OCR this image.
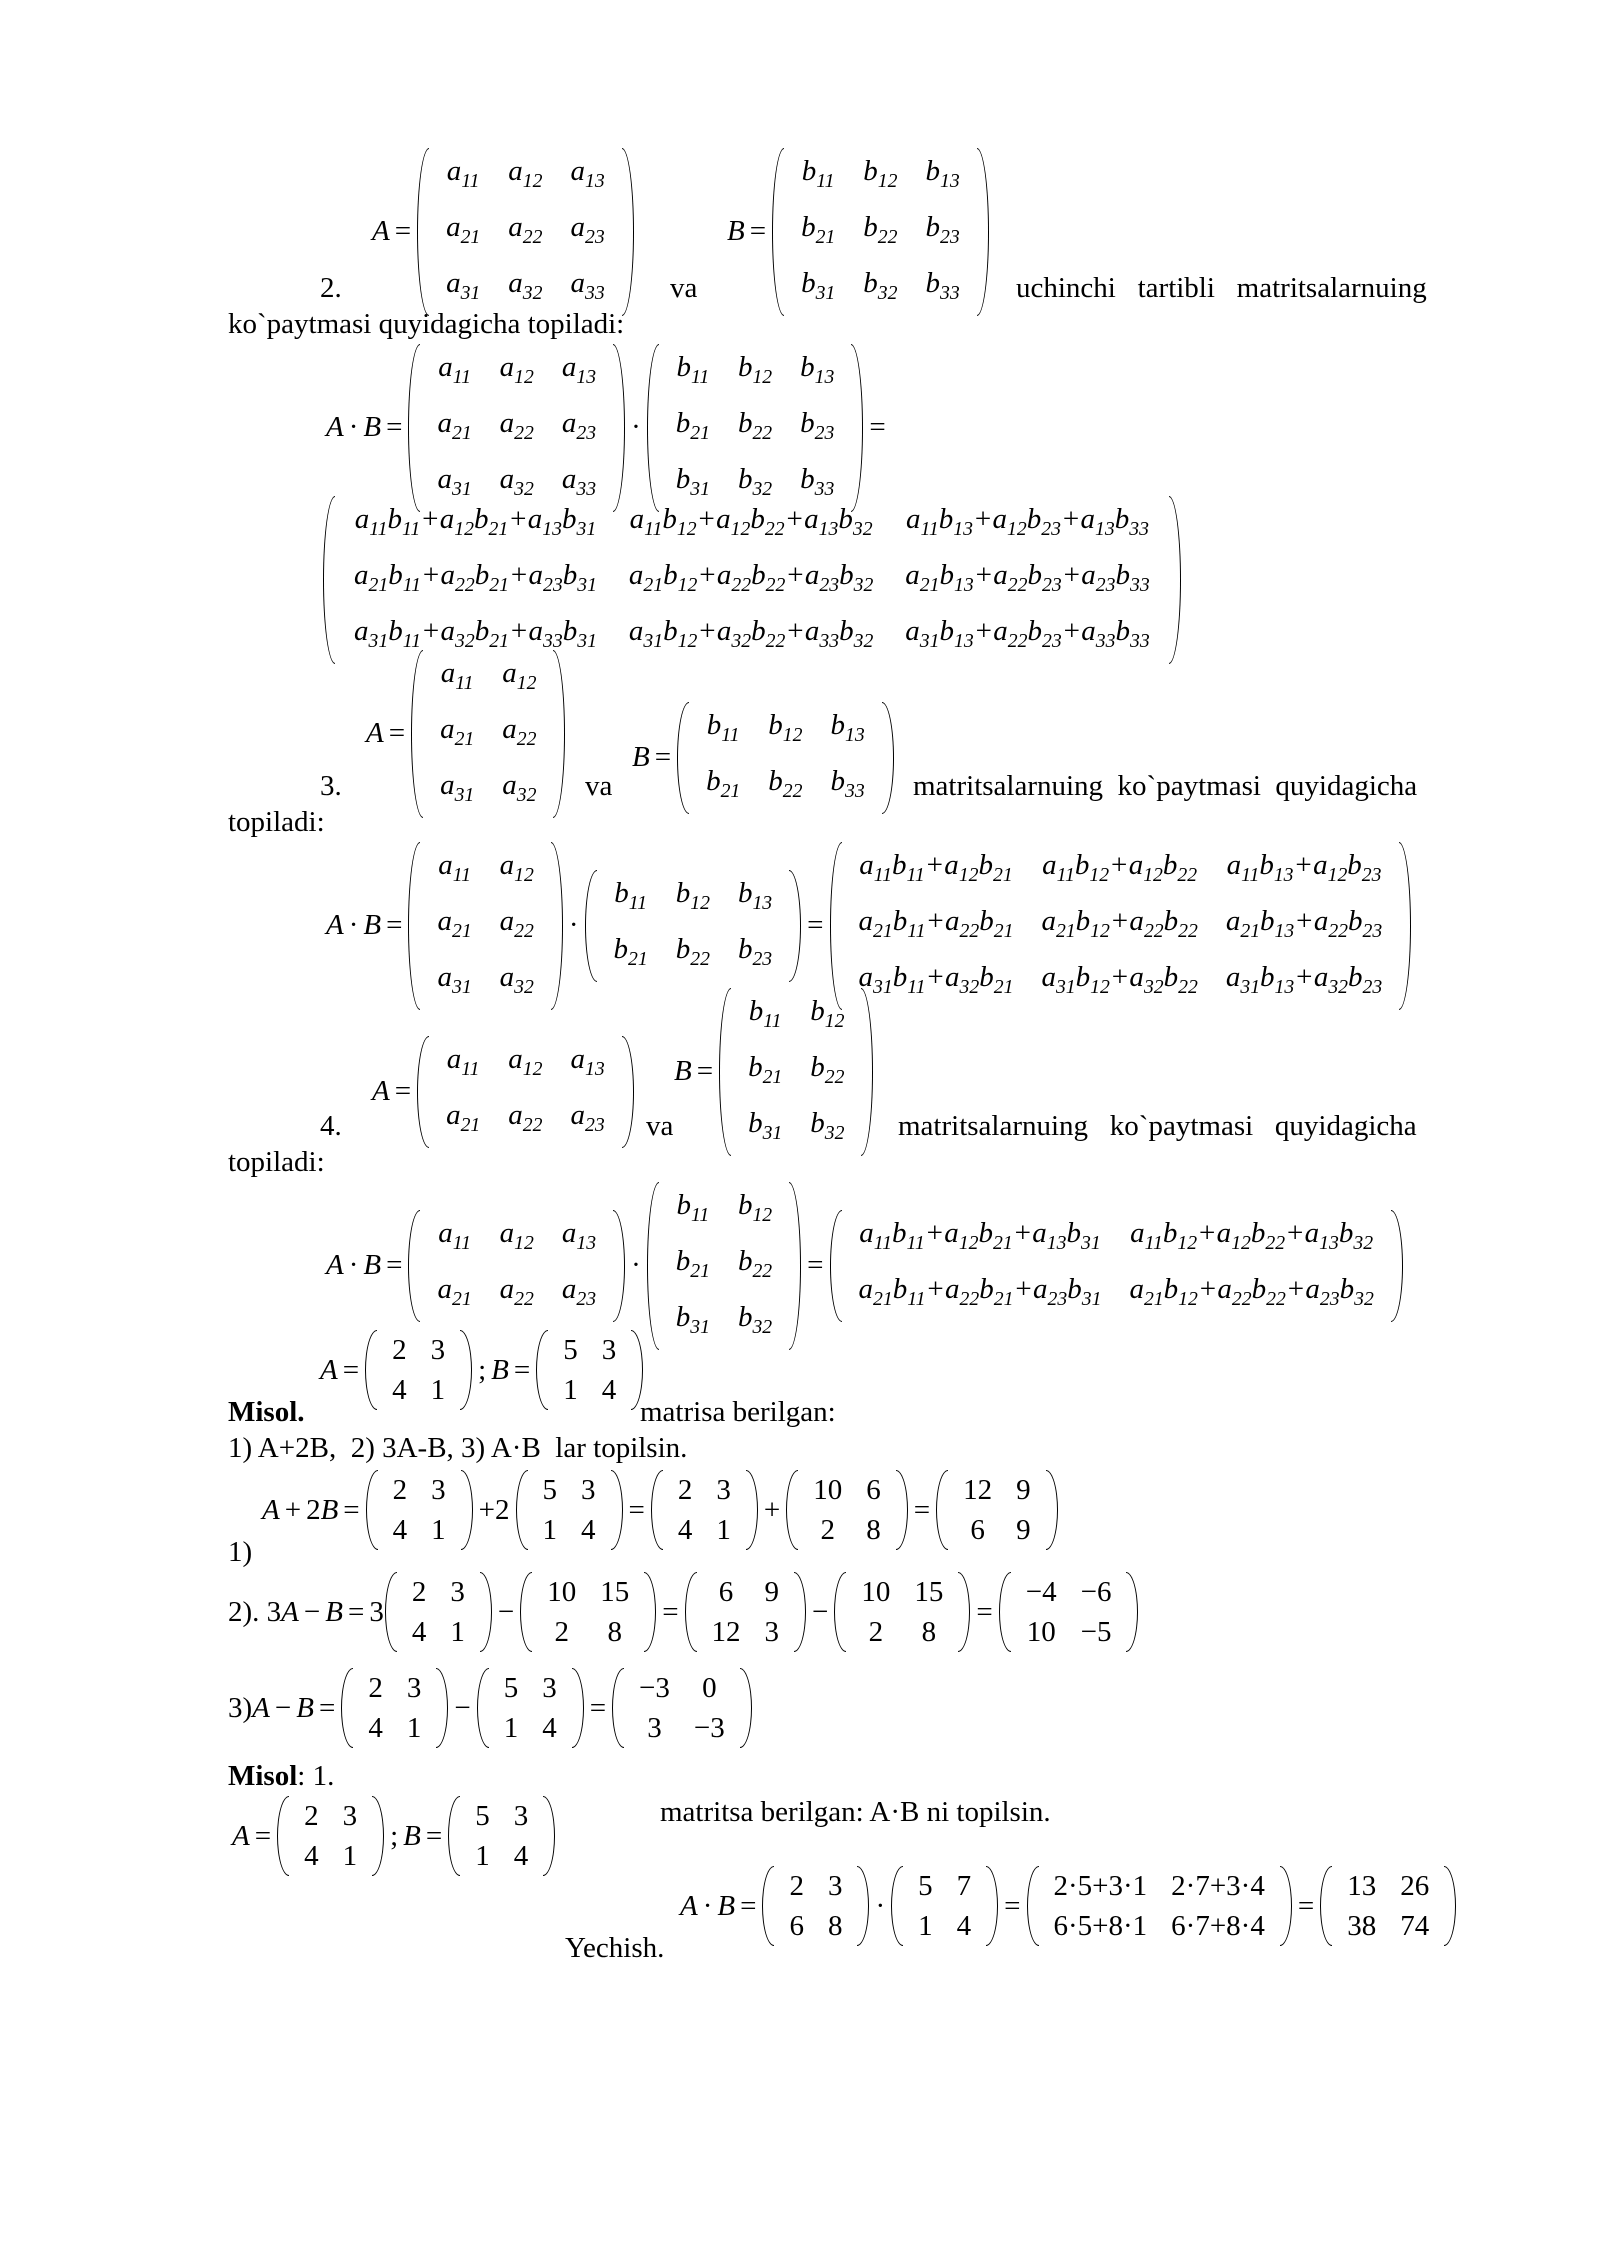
A =
$a_{11}$	$a_{12}$	$a_{13}$
$a_{21}$	$a_{22}$	$a_{23}$
$a_{31}$	$a_{32}$	$a_{33}$
B =
$b_{11}$	$b_{12}$	$b_{13}$
$b_{21}$	$b_{22}$	$b_{23}$
$b_{31}$	$b_{32}$	$b_{33}$
2.	va	uchinchi   tartibli   matritsalarnuing
ko`paytmasi quyidagicha topiladi:
A · B =
$a_{11}$	$a_{12}$	$a_{13}$
$a_{21}$	$a_{22}$	$a_{23}$
$a_{31}$	$a_{32}$	$a_{33}$
·
$b_{11}$	$b_{12}$	$b_{13}$
$b_{21}$	$b_{22}$	$b_{23}$
$b_{31}$	$b_{32}$	$b_{33}$
=
$a_{11}b_{11}+a_{12}b_{21}+a_{13}b_{31}$	$a_{11}b_{12}+a_{12}b_{22}+a_{13}b_{32}$	$a_{11}b_{13}+a_{12}b_{23}+a_{13}b_{33}$
$a_{21}b_{11}+a_{22}b_{21}+a_{23}b_{31}$	$a_{21}b_{12}+a_{22}b_{22}+a_{23}b_{32}$	$a_{21}b_{13}+a_{22}b_{23}+a_{23}b_{33}$
$a_{31}b_{11}+a_{32}b_{21}+a_{33}b_{31}$	$a_{31}b_{12}+a_{32}b_{22}+a_{33}b_{32}$	$a_{31}b_{13}+a_{22}b_{23}+a_{33}b_{33}$
A =
$a_{11}$	$a_{12}$
$a_{21}$	$a_{22}$
$a_{31}$	$a_{32}$
B =
$b_{11}$	$b_{12}$	$b_{13}$
$b_{21}$	$b_{22}$	$b_{33}$
3.	va	matritsalarnuing  ko`paytmasi  quyidagicha
topiladi:
A · B =
$a_{11}$	$a_{12}$
$a_{21}$	$a_{22}$
$a_{31}$	$a_{32}$
·
$b_{11}$	$b_{12}$	$b_{13}$
$b_{21}$	$b_{22}$	$b_{23}$
=
$a_{11}b_{11}+a_{12}b_{21}$	$a_{11}b_{12}+a_{12}b_{22}$	$a_{11}b_{13}+a_{12}b_{23}$
$a_{21}b_{11}+a_{22}b_{21}$	$a_{21}b_{12}+a_{22}b_{22}$	$a_{21}b_{13}+a_{22}b_{23}$
$a_{31}b_{11}+a_{32}b_{21}$	$a_{31}b_{12}+a_{32}b_{22}$	$a_{31}b_{13}+a_{32}b_{23}$
A =
$a_{11}$	$a_{12}$	$a_{13}$
$a_{21}$	$a_{22}$	$a_{23}$
B =
$b_{11}$	$b_{12}$
$b_{21}$	$b_{22}$
$b_{31}$	$b_{32}$
4.	va	matritsalarnuing   ko`paytmasi   quyidagicha
topiladi:
A · B =
$a_{11}$	$a_{12}$	$a_{13}$
$a_{21}$	$a_{22}$	$a_{23}$
·
$b_{11}$	$b_{12}$
$b_{21}$	$b_{22}$
$b_{31}$	$b_{32}$
=
$a_{11}b_{11}+a_{12}b_{21}+a_{13}b_{31}$	$a_{11}b_{12}+a_{12}b_{22}+a_{13}b_{32}$
$a_{21}b_{11}+a_{22}b_{21}+a_{23}b_{31}$	$a_{21}b_{12}+a_{22}b_{22}+a_{23}b_{32}$
A =
2	3
4	1
; B =
5	3
1	4
Misol.	matrisa berilgan:
1) A+2B,  2) 3A-B, 3) A·B  lar topilsin.
A + 2 B =
2	3
4	1
+2
5	3
1	4
=
2	3
4	1
+
10	6
2	8
=
12	9
6	9
1)
2). 3 A − B = 3
2	3
4	1
−
10	15
2	8
=
6	9
12	3
−
10	15
2	8
=
−4	−6
10	−5
3) A − B =
2	3
4	1
−
5	3
1	4
=
−3	0
3	−3
Misol: 1.
A =
2	3
4	1
; B =
5	3
1	4
matritsa berilgan: A·B ni topilsin.
A · B =
2	3
6	8
·
5	7
1	4
=
2·5+3·1	2·7+3·4
6·5+8·1	6·7+8·4
=
13	26
38	74
Yechish.
